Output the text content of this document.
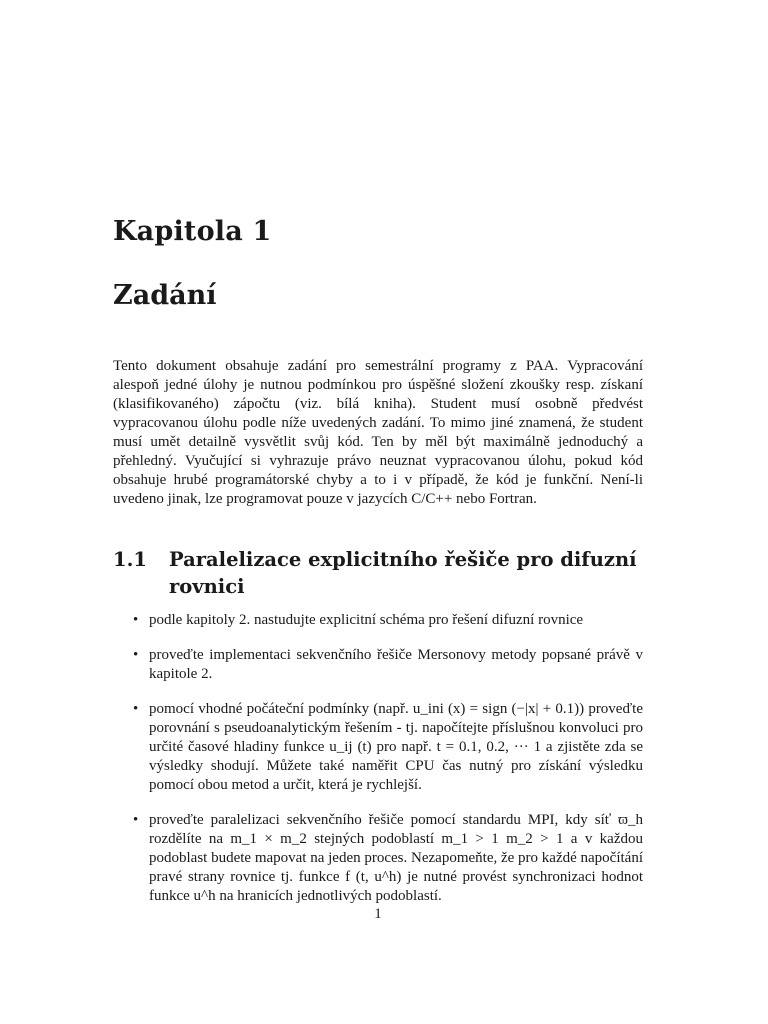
Kapitola 1
Zadání

Tento dokument obsahuje zadání pro semestrální programy z PAA. Vypracování alespoň jedné úlohy je nutnou podmínkou pro úspěšné složení zkoušky resp. získaní (klasifikovaného) zápočtu (viz. bílá kniha). Student musí osobně předvést vypracovanou úlohu podle níže uvedených zadání. To mimo jiné znamená, že student musí umět detailně vysvětlit svůj kód. Ten by měl být maximálně jednoduchý a přehledný. Vyučující si vyhrazuje právo neuznat vypracovanou úlohu, pokud kód obsahuje hrubé programátorské chyby a to i v případě, že kód je funkční. Není-li uvedeno jinak, lze programovat pouze v jazycích C/C++ nebo Fortran.

1.1 Paralelizace explicitního řešiče pro difuzní rovnici
• podle kapitoly 2. nastudujte explicitní schéma pro řešení difuzní rovnice
• proveďte implementaci sekvenčního řešiče Mersonovy metody popsané právě v kapitole 2.
• pomocí vhodné počáteční podmínky (např. u_ini (x) = sign (−|x| + 0.1)) proveďte porovnání s pseudoanalytickým řešením - tj. napočítejte příslušnou konvoluci pro určité časové hladiny funkce u_ij (t) pro např. t = 0.1, 0.2, ··· 1 a zjistěte zda se výsledky shodují. Můžete také naměřit CPU čas nutný pro získání výsledku pomocí obou metod a určit, která je rychlejší.
• proveďte paralelizaci sekvenčního řešiče pomocí standardu MPI, kdy síť ϖ_h rozdělíte na m_1 × m_2 stejných podoblastí m_1 > 1 m_2 > 1 a v každou podoblast budete mapovat na jeden proces. Nezapomeňte, že pro každé napočítání pravé strany rovnice tj. funkce f (t, u^h) je nutné provést synchronizaci hodnot funkce u^h na hranicích jednotlivých podoblastí.
1
